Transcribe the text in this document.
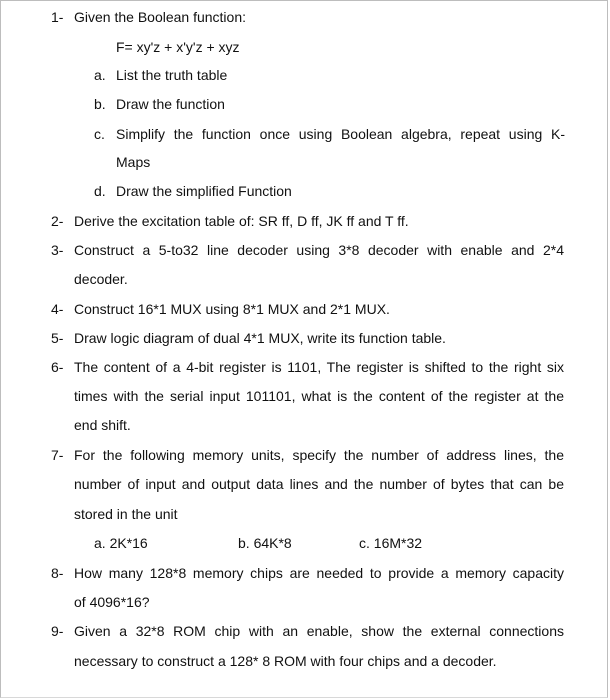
1- Given the Boolean function:
F= xy'z + x'y'z + xyz
a. List the truth table
b. Draw the function
c. Simplify the function once using Boolean algebra, repeat using K-
Maps
d. Draw the simplified Function
2- Derive the excitation table of: SR ff, D ff, JK ff and T ff.
3- Construct a 5-to32 line decoder using 3*8 decoder with enable and 2*4
decoder.
4- Construct 16*1 MUX using 8*1 MUX and 2*1 MUX.
5- Draw logic diagram of dual 4*1 MUX, write its function table.
6- The content of a 4-bit register is 1101, The register is shifted to the right six
times with the serial input 101101, what is the content of the register at the
end shift.
7- For the following memory units, specify the number of address lines, the
number of input and output data lines and the number of bytes that can be
stored in the unit
a. 2K*16	b. 64K*8	c. 16M*32
8- How many 128*8 memory chips are needed to provide a memory capacity
of 4096*16?
9- Given a 32*8 ROM chip with an enable, show the external connections
necessary to construct a 128* 8 ROM with four chips and a decoder.
